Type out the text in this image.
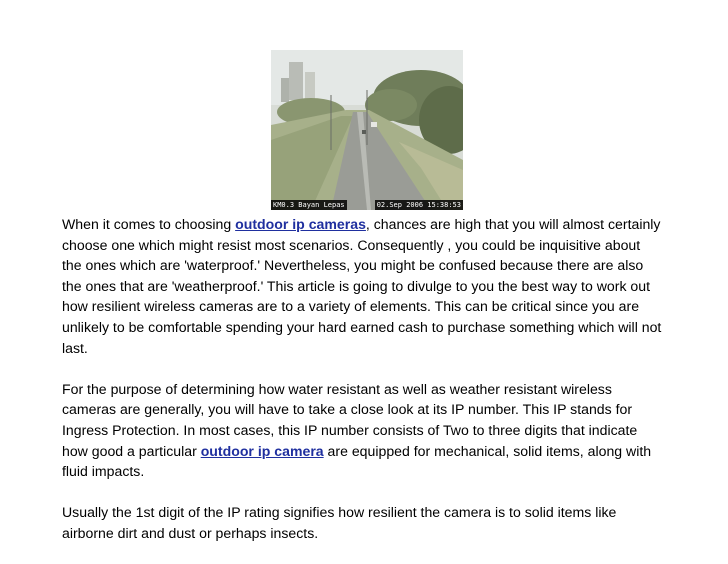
KM0.3 Bayan Lepas	02.Sep 2006 15:38:53

When it comes to choosing outdoor ip cameras, chances are high that you will almost certainly choose one which might resist most scenarios. Consequently , you could be inquisitive about the ones which are 'waterproof.' Nevertheless, you might be confused because there are also the ones that are 'weatherproof.' This article is going to divulge to you the best way to work out how resilient wireless cameras are to a variety of elements. This can be critical since you are unlikely to be comfortable spending your hard earned cash to purchase something which will not last.

For the purpose of determining how water resistant as well as weather resistant wireless cameras are generally, you will have to take a close look at its IP number. This IP stands for Ingress Protection. In most cases, this IP number consists of Two to three digits that indicate how good a particular outdoor ip camera are equipped for mechanical, solid items, along with fluid impacts.

Usually the 1st digit of the IP rating signifies how resilient the camera is to solid items like airborne dirt and dust or perhaps insects.
